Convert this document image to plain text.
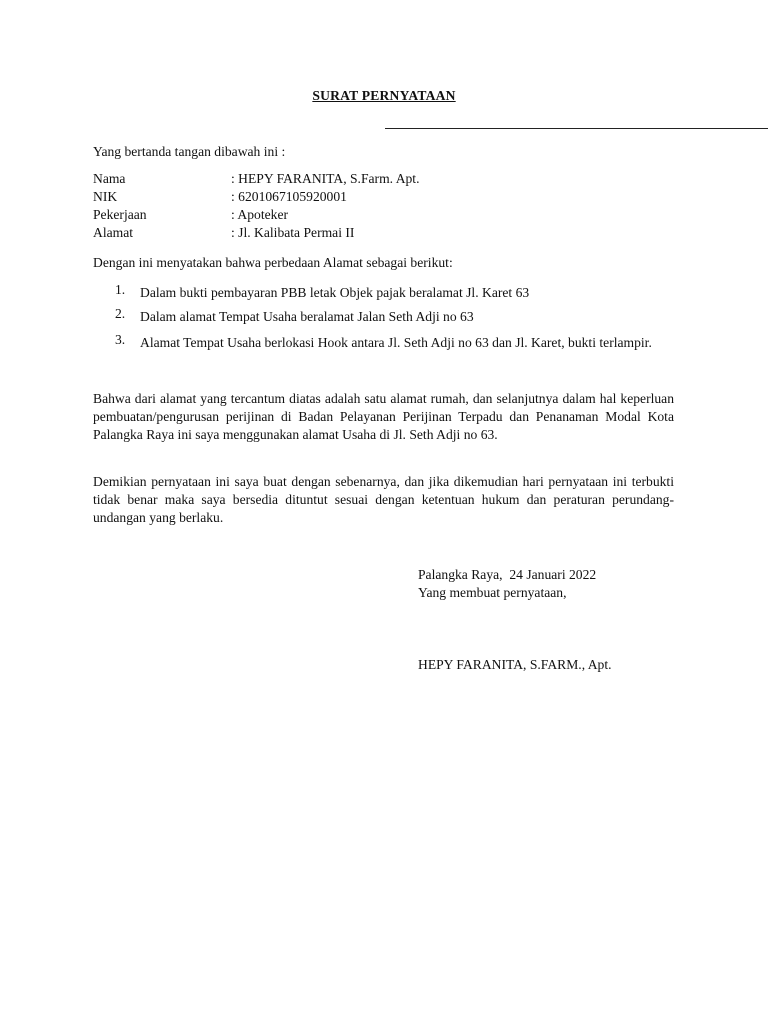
SURAT PERNYATAAN
Yang bertanda tangan dibawah ini :
Nama	: HEPY FARANITA, S.Farm. Apt.
NIK	: 6201067105920001
Pekerjaan	: Apoteker
Alamat	: Jl. Kalibata Permai II
Dengan ini menyatakan bahwa perbedaan Alamat sebagai berikut:
1.	Dalam bukti pembayaran PBB letak Objek pajak beralamat Jl. Karet 63
2.	Dalam alamat Tempat Usaha beralamat Jalan Seth Adji no 63
3.	Alamat Tempat Usaha berlokasi Hook antara Jl. Seth Adji no 63 dan Jl. Karet, bukti terlampir.
Bahwa dari alamat yang tercantum diatas adalah satu alamat rumah, dan selanjutnya dalam hal keperluan pembuatan/pengurusan perijinan di Badan Pelayanan Perijinan Terpadu dan Penanaman Modal Kota Palangka Raya ini saya menggunakan alamat Usaha di Jl. Seth Adji no 63.
Demikian pernyataan ini saya buat dengan sebenarnya, dan jika dikemudian hari pernyataan ini terbukti tidak benar maka saya bersedia dituntut sesuai dengan ketentuan hukum dan peraturan perundang-undangan yang berlaku.
Palangka Raya,  24 Januari 2022
Yang membuat pernyataan,
HEPY FARANITA, S.FARM., Apt.
